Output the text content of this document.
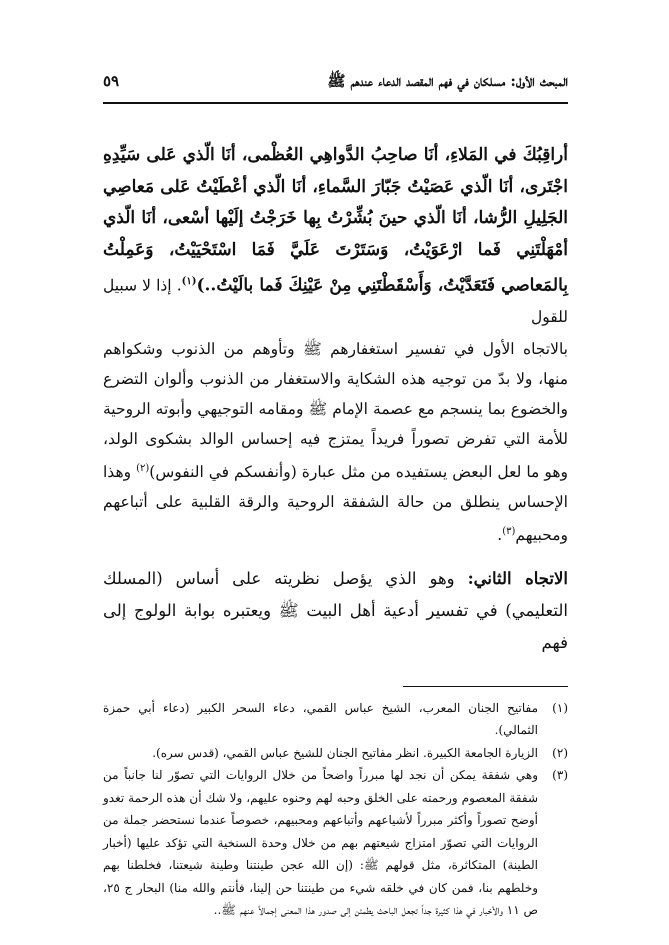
المبحث الأول: مسلكان في فهم المقصد الدعاء عندهم ﷺ
٥٩
أراقِبُكَ في المَلاءِ، أنَا صاحِبُ الدَّواهِي العُظْمى، أنَا الّذي عَلى سَيِّدِهِ اجْتَرى، أنَا الّذي عَصَيْتُ جَبّارَ السَّماءِ، أنَا الّذي أعْطَيْتُ عَلى مَعاصِي الجَلِيلِ الرُّشا، أنَا الّذي حينَ بُشِّرْتُ بِها خَرَجْتُ إلَيْها أسْعى، أنَا الّذي أمْهَلْتَنِي فَما ارْعَوَيْتُ، وَسَتَرْتَ عَلَيَّ فَمَا اسْتَحْيَيْتُ، وَعَمِلْتُ بِالمَعاصي فَتَعَدَّيْتُ، وَأَسْقَطْتَنِي مِنْ عَيْنِكَ فَما بالَيْتُ..)$^{(١)}$. إذا لا سبيل للقول
بالاتجاه الأول في تفسير استغفارهم ﷺ وتأوهم من الذنوب وشكواهم منها، ولا بدّ من توجيه هذه الشكاية والاستغفار من الذنوب وألوان التضرع والخضوع بما ينسجم مع عصمة الإمام ﷺ ومقامه التوجيهي وأبوته الروحية للأمة التي تفرض تصوراً فريداً يمتزج فيه إحساس الوالد بشكوى الولد، وهو ما لعل البعض يستفيده من مثل عبارة (وأنفسكم في النفوس)$^{(٢)}$ وهذا الإحساس ينطلق من حالة الشفقة الروحية والرقة القلبية على أتباعهم ومحبيهم$^{(٣)}$.
الاتجاه الثاني: وهو الذي يؤصل نظريته على أساس (المسلك التعليمي) في تفسير أدعية أهل البيت ﷺ ويعتبره بوابة الولوج إلى فهم
(١)
مفاتيح الجنان المعرب، الشيخ عباس القمي، دعاء السحر الكبير (دعاء أبي حمزة الثمالي).
(٢)
الزيارة الجامعة الكبيرة. انظر مفاتيح الجنان للشيخ عباس القمي، (قدس سره).
(٣)
وهي شفقة يمكن أن نجد لها مبرراً واضحاً من خلال الروايات التي تصوّر لنا جانباً من شفقة المعصوم ورحمته على الخلق وحبه لهم وحنوه عليهم، ولا شك أن هذه الرحمة تغدو أوضح تصوراً وأكثر مبرراً لأشياعهم وأتباعهم ومحبيهم، خصوصاً عندما نستحضر جملة من الروايات التي تصوّر امتزاج شيعتهم بهم من خلال وحدة السنخية التي تؤكد عليها (أخبار الطينة) المتكاثرة، مثل قولهم ﷺ: (إن الله عجن طينتنا وطينة شيعتنا، فخلطنا بهم وخلطهم بنا، فمن كان في خلقه شيء من طينتنا حن إلينا، فأنتم والله منا) البحار ج ٢٥، ص ١١ والأخبار في هذا كثيرة جداً تجعل الباحث يطمئن إلى صدور هذا المعنى إجمالاً عنهم ﷺ..
